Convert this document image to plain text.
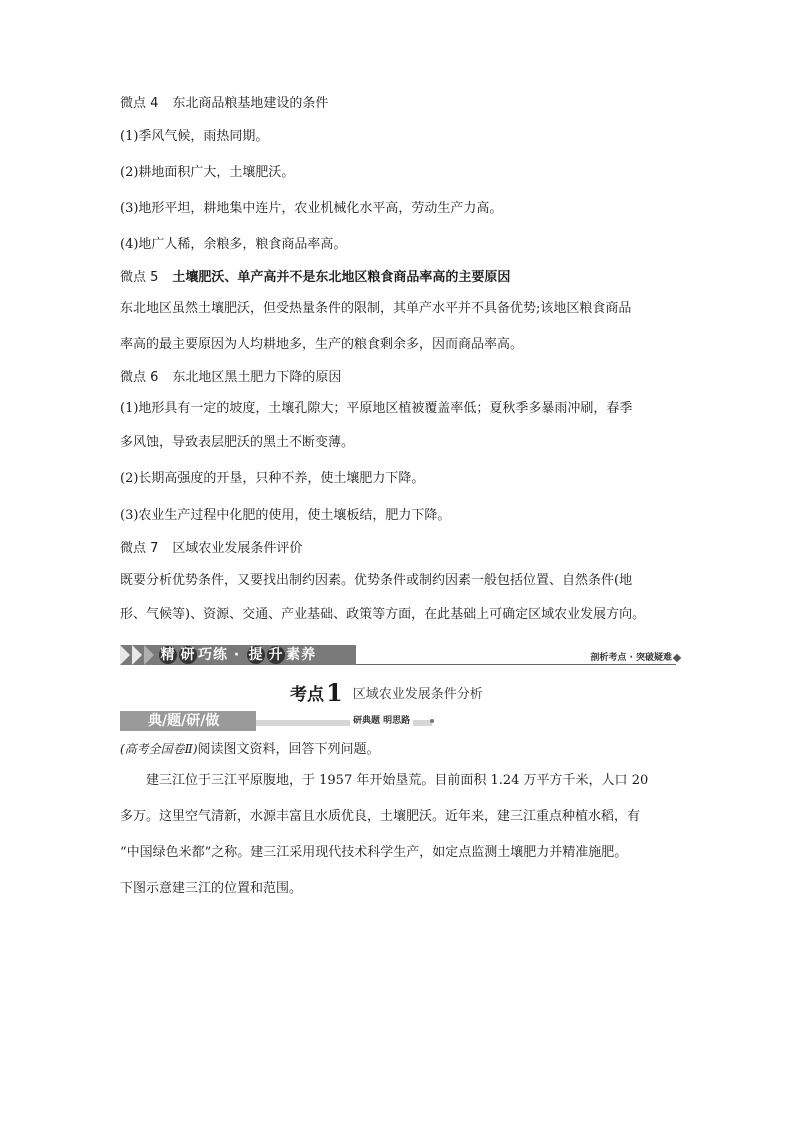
微点 4 东北商品粮基地建设的条件
(1)季风气候，雨热同期。
(2)耕地面积广大，土壤肥沃。
(3)地形平坦，耕地集中连片，农业机械化水平高，劳动生产力高。
(4)地广人稀，余粮多，粮食商品率高。
微点 5 土壤肥沃、单产高并不是东北地区粮食商品率高的主要原因
东北地区虽然土壤肥沃，但受热量条件的限制，其单产水平并不具备优势;该地区粮食商品
率高的最主要原因为人均耕地多，生产的粮食剩余多，因而商品率高。
微点 6 东北地区黑土肥力下降的原因
(1)地形具有一定的坡度，土壤孔隙大；平原地区植被覆盖率低；夏秋季多暴雨冲刷，春季
多风蚀，导致表层肥沃的黑土不断变薄。
(2)长期高强度的开垦，只种不养，使土壤肥力下降。
(3)农业生产过程中化肥的使用，使土壤板结，肥力下降。
微点 7 区域农业发展条件评价
既要分析优势条件，又要找出制约因素。优势条件或制约因素一般包括位置、自然条件(地
形、气候等)、资源、交通、产业基础、政策等方面，在此基础上可确定区域农业发展方向。
精 研 巧练 · 提 升 素养	剖析考点 · 突破疑难
考点1 区域农业发展条件分析
典/题/研/做	研典题 明思路
(高考全国卷Ⅱ)阅读图文资料，回答下列问题。
建三江位于三江平原腹地，于 1957 年开始垦荒。目前面积 1.24 万平方千米，人口 20
多万。这里空气清新，水源丰富且水质优良，土壤肥沃。近年来，建三江重点种植水稻，有
“中国绿色米都”之称。建三江采用现代技术科学生产，如定点监测土壤肥力并精准施肥。
下图示意建三江的位置和范围。
